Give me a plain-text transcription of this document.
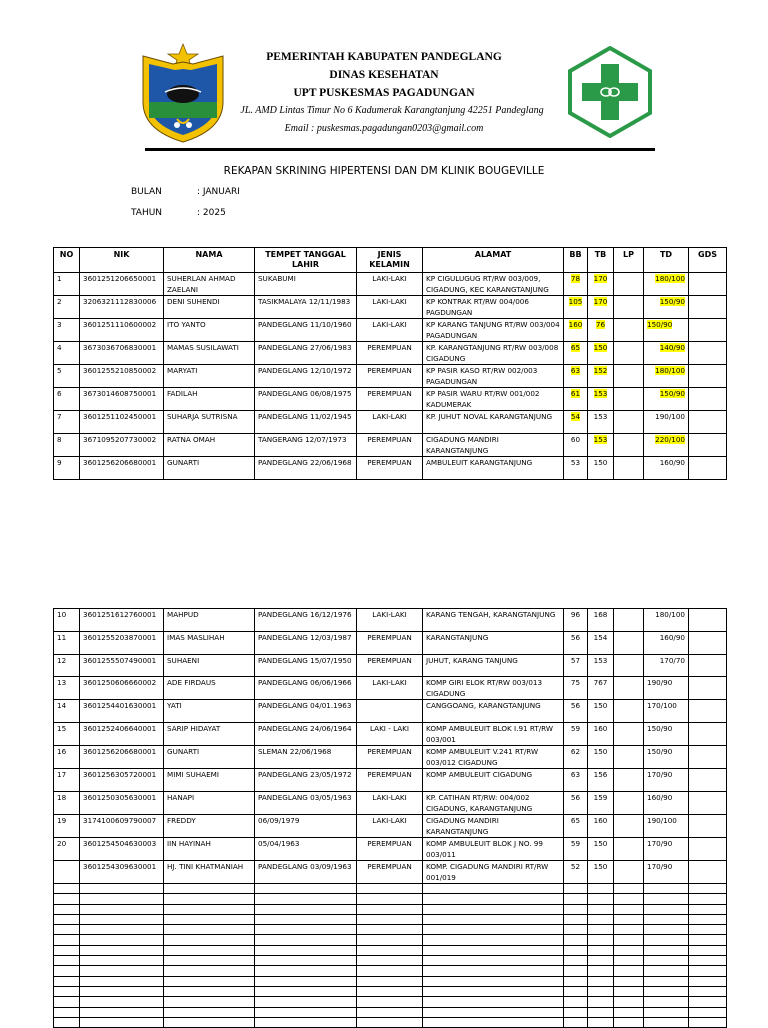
PEMERINTAH KABUPATEN PANDEGLANG
DINAS KESEHATAN
UPT PUSKESMAS PAGADUNGAN
JL. AMD Lintas Timur No 6 Kadumerak Karangtanjung 42251 Pandeglang
Email : puskesmas.pagadungan0203@gmail.com
REKAPAN SKRINING HIPERTENSI DAN DM KLINIK BOUGEVILLE
BULAN	: JANUARI
TAHUN	: 2025
NO	NIK	NAMA	TEMPET TANGGAL LAHIR	JENIS KELAMIN	ALAMAT	BB	TB	LP	TD	GDS
1	3601251206650001	SUHERLAN AHMAD ZAELANI	SUKABUMI	LAKI-LAKI	KP CIGULUGUG RT/RW 003/009, CIGADUNG, KEC KARANGTANJUNG	78	170		180/100	
2	3206321112830006	DENI SUHENDI	TASIKMALAYA 12/11/1983	LAKI-LAKI	KP KONTRAK RT/RW 004/006 PAGDUNGAN	105	170		150/90	
3	3601251110600002	ITO YANTO	PANDEGLANG 11/10/1960	LAKI-LAKI	KP KARANG TANJUNG RT/RW 003/004 PAGADUNGAN	160	76		150/90	
4	3673036706830001	MAMAS SUSILAWATI	PANDEGLANG 27/06/1983	PEREMPUAN	KP. KARANGTANJUNG RT/RW 003/008 CIGADUNG	65	150		140/90	
5	3601255210850002	MARYATI	PANDEGLANG 12/10/1972	PEREMPUAN	KP PASIR KASO RT/RW 002/003 PAGADUNGAN	63	152		180/100	
6	3673014608750001	FADILAH	PANDEGLANG 06/08/1975	PEREMPUAN	KP PASIR WARU RT/RW 001/002 KADUMERAK	61	153		150/90	
7	3601251102450001	SUHARJA SUTRISNA	PANDEGLANG 11/02/1945	LAKI-LAKI	KP. JUHUT NOVAL KARANGTANJUNG	54	153		190/100	
8	3671095207730002	RATNA OMAH	TANGERANG 12/07/1973	PEREMPUAN	CIGADUNG MANDIRI KARANGTANJUNG	60	153		220/100	
9	3601256206680001	GUNARTI	PANDEGLANG 22/06/1968	PEREMPUAN	AMBULEUIT KARANGTANJUNG	53	150		160/90	
10	3601251612760001	MAHPUD	PANDEGLANG 16/12/1976	LAKI-LAKI	KARANG TENGAH, KARANGTANJUNG	96	168		180/100	
11	3601255203870001	IMAS MASLIHAH	PANDEGLANG 12/03/1987	PEREMPUAN	KARANGTANJUNG	56	154		160/90	
12	3601255507490001	SUHAENI	PANDEGLANG 15/07/1950	PEREMPUAN	JUHUT, KARANG TANJUNG	57	153		170/70	
13	3601250606660002	ADE FIRDAUS	PANDEGLANG 06/06/1966	LAKI-LAKI	KOMP GIRI ELOK RT/RW 003/013 CIGADUNG	75	767		190/90	
14	3601254401630001	YATI	PANDEGLANG 04/01.1963		CANGGOANG, KARANGTANJUNG	56	150		170/100	
15	3601252406640001	SARIP HIDAYAT	PANDEGLANG 24/06/1964	LAKI - LAKI	KOMP AMBULEUIT BLOK I.91 RT/RW 003/001	59	160		150/90	
16	3601256206680001	GUNARTI	SLEMAN 22/06/1968	PEREMPUAN	KOMP AMBULEUIT V.241 RT/RW 003/012 CIGADUNG	62	150		150/90	
17	3601256305720001	MIMI SUHAEMI	PANDEGLANG 23/05/1972	PEREMPUAN	KOMP AMBULEUIT CIGADUNG	63	156		170/90	
18	3601250305630001	HANAPI	PANDEGLANG 03/05/1963	LAKI-LAKI	KP. CATIHAN RT/RW: 004/002 CIGADUNG, KARANGTANJUNG	56	159		160/90	
19	3174100609790007	FREDDY	06/09/1979	LAKI-LAKI	CIGADUNG MANDIRI KARANGTANJUNG	65	160		190/100	
20	3601254504630003	IIN HAYINAH	05/04/1963	PEREMPUAN	KOMP AMBULEUIT BLOK J NO. 99 003/011	59	150		170/90	
	3601254309630001	HJ. TINI KHATMANIAH	PANDEGLANG 03/09/1963	PEREMPUAN	KOMP. CIGADUNG MANDIRI RT/RW 001/019	52	150		170/90	
